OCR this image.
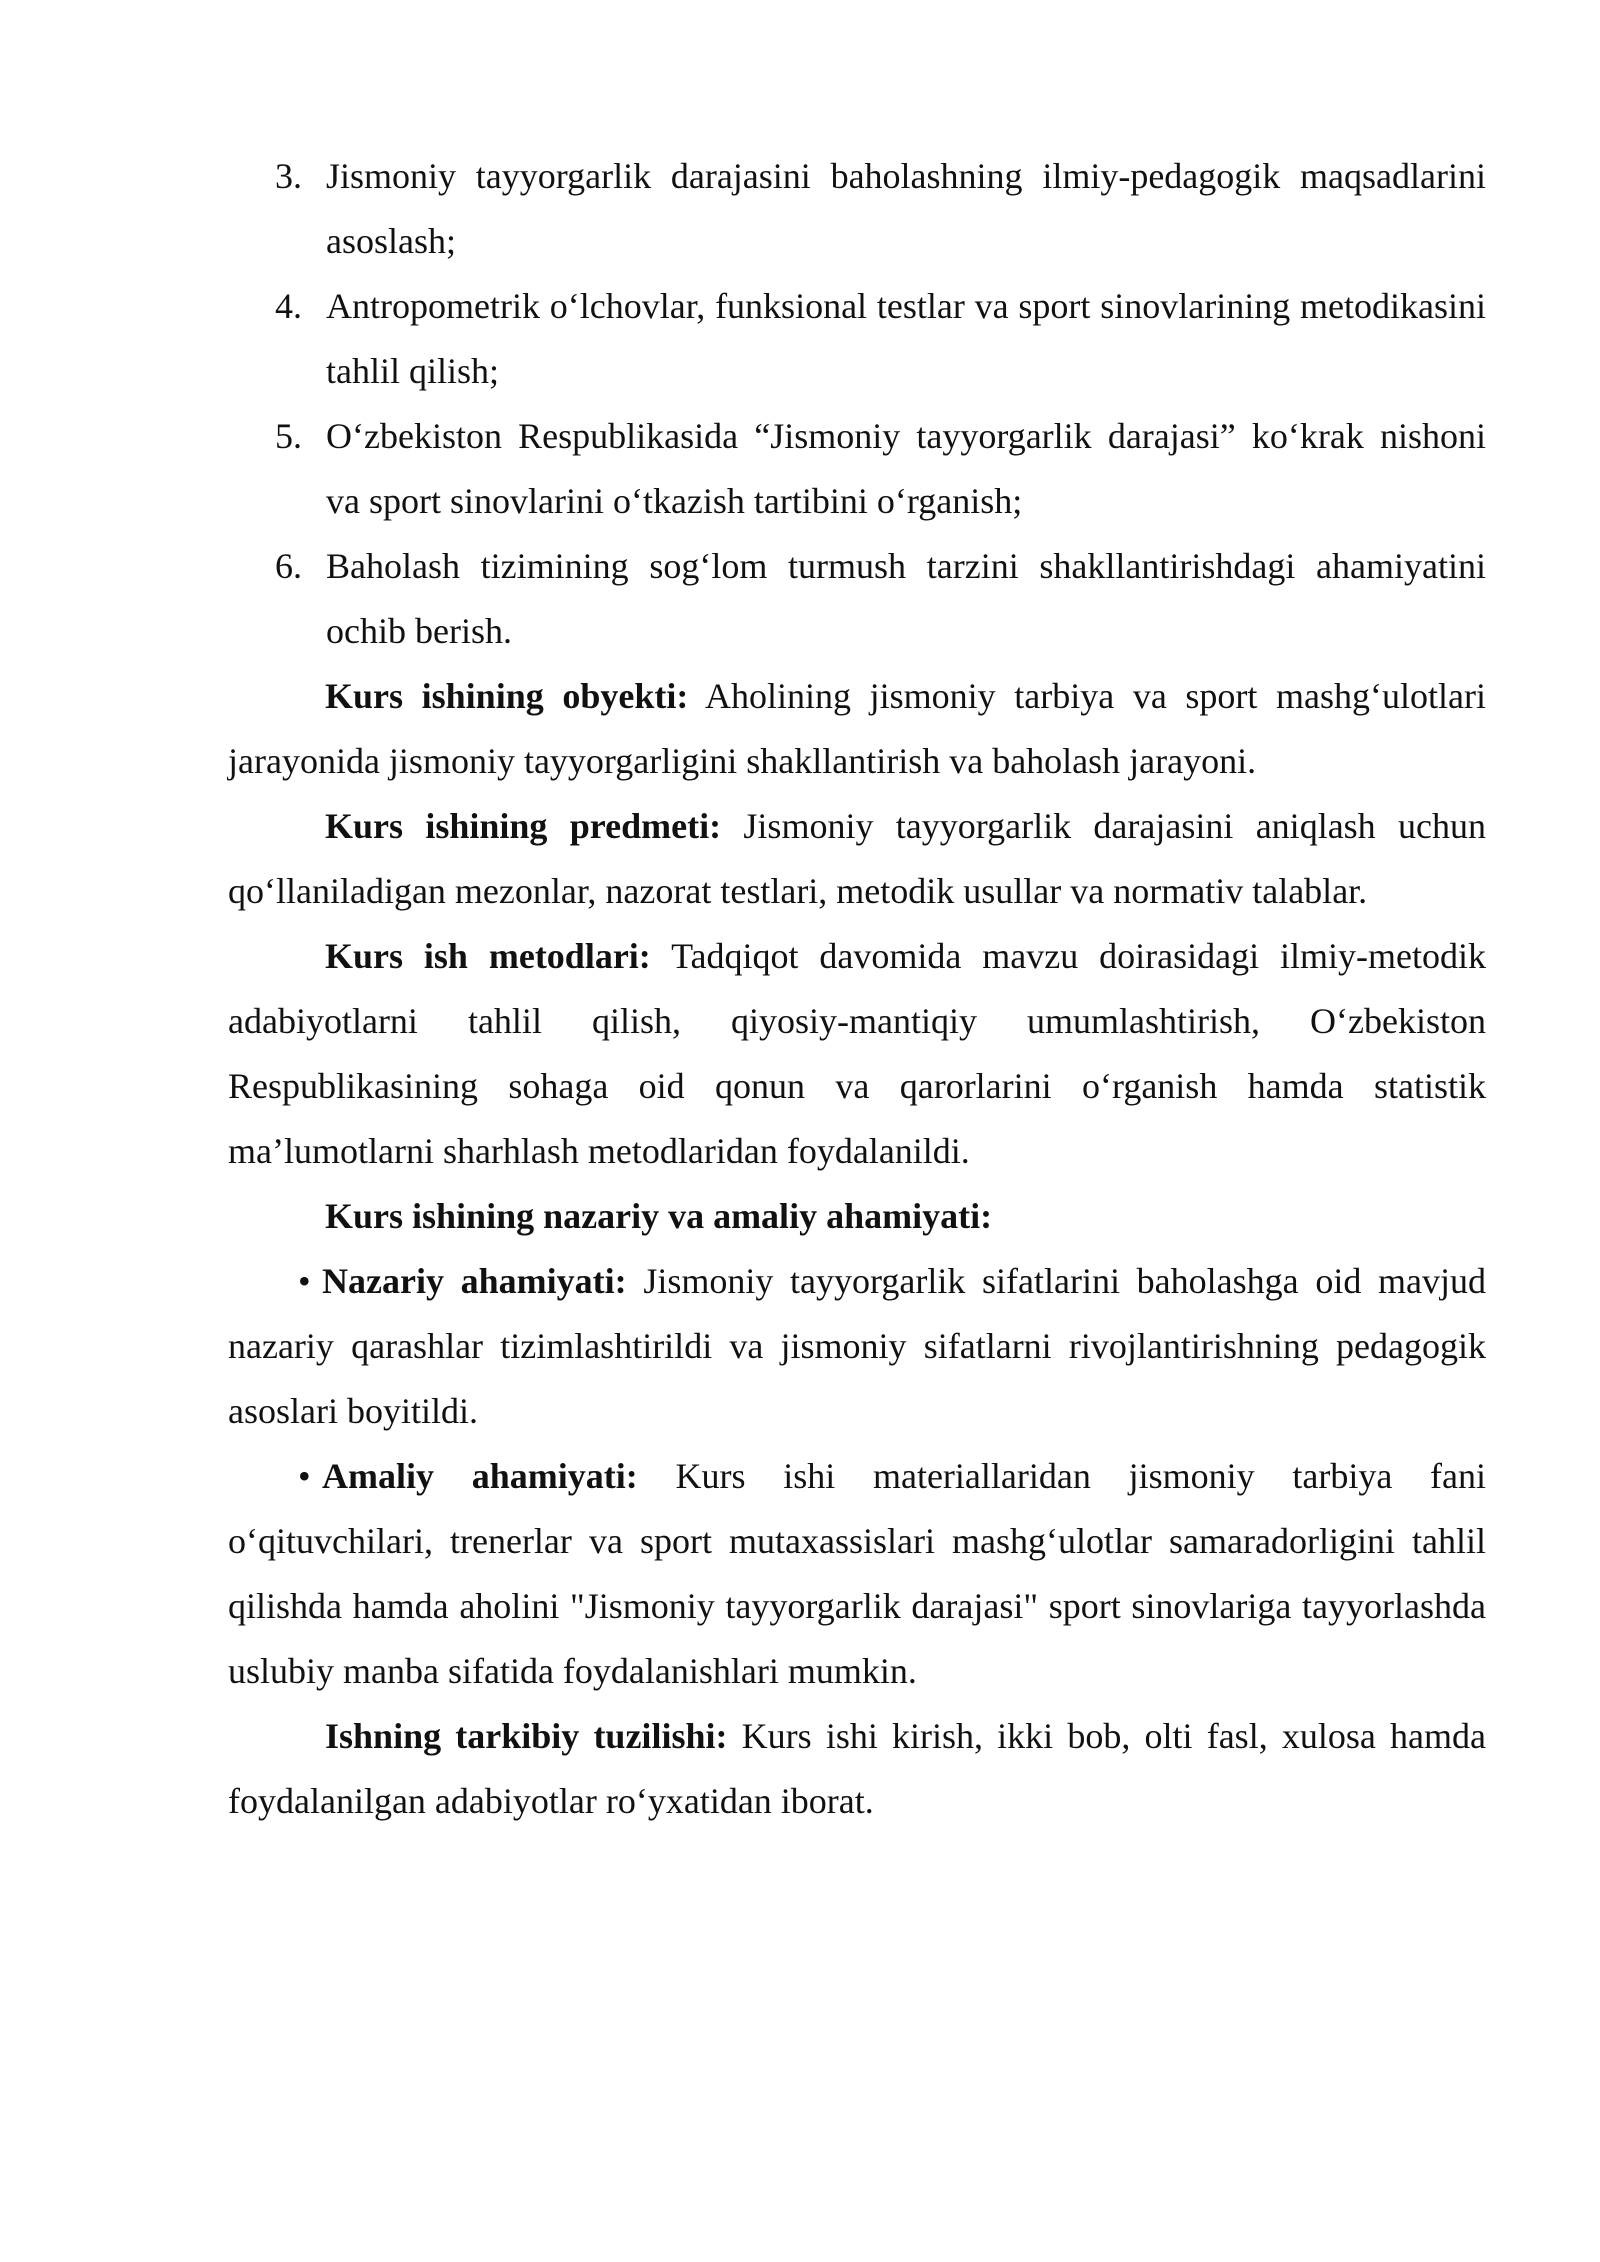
3. Jismoniy tayyorgarlik darajasini baholashning ilmiy-pedagogik maqsadlarini asoslash;
4. Antropometrik o‘lchovlar, funksional testlar va sport sinovlarining metodikasini tahlil qilish;
5. O‘zbekiston Respublikasida “Jismoniy tayyorgarlik darajasi” ko‘krak nishoni va sport sinovlarini o‘tkazish tartibini o‘rganish;
6. Baholash tizimining sog‘lom turmush tarzini shakllantirishdagi ahamiyatini ochib berish.

Kurs ishining obyekti: Aholining jismoniy tarbiya va sport mashg‘ulotlari jarayonida jismoniy tayyorgarligini shakllantirish va baholash jarayoni.

Kurs ishining predmeti: Jismoniy tayyorgarlik darajasini aniqlash uchun qo‘llaniladigan mezonlar, nazorat testlari, metodik usullar va normativ talablar.

Kurs ish metodlari: Tadqiqot davomida mavzu doirasidagi ilmiy-metodik adabiyotlarni tahlil qilish, qiyosiy-mantiqiy umumlashtirish, O‘zbekiston Respublikasining sohaga oid qonun va qarorlarini o‘rganish hamda statistik ma’lumotlarni sharhlash metodlaridan foydalanildi.

Kurs ishining nazariy va amaliy ahamiyati:

• Nazariy ahamiyati: Jismoniy tayyorgarlik sifatlarini baholashga oid mavjud nazariy qarashlar tizimlashtirildi va jismoniy sifatlarni rivojlantirishning pedagogik asoslari boyitildi.

• Amaliy ahamiyati: Kurs ishi materiallaridan jismoniy tarbiya fani o‘qituvchilari, trenerlar va sport mutaxassislari mashg‘ulotlar samaradorligini tahlil qilishda hamda aholini "Jismoniy tayyorgarlik darajasi" sport sinovlariga tayyorlashda uslubiy manba sifatida foydalanishlari mumkin.

Ishning tarkibiy tuzilishi: Kurs ishi kirish, ikki bob, olti fasl, xulosa hamda foydalanilgan adabiyotlar ro‘yxatidan iborat.
